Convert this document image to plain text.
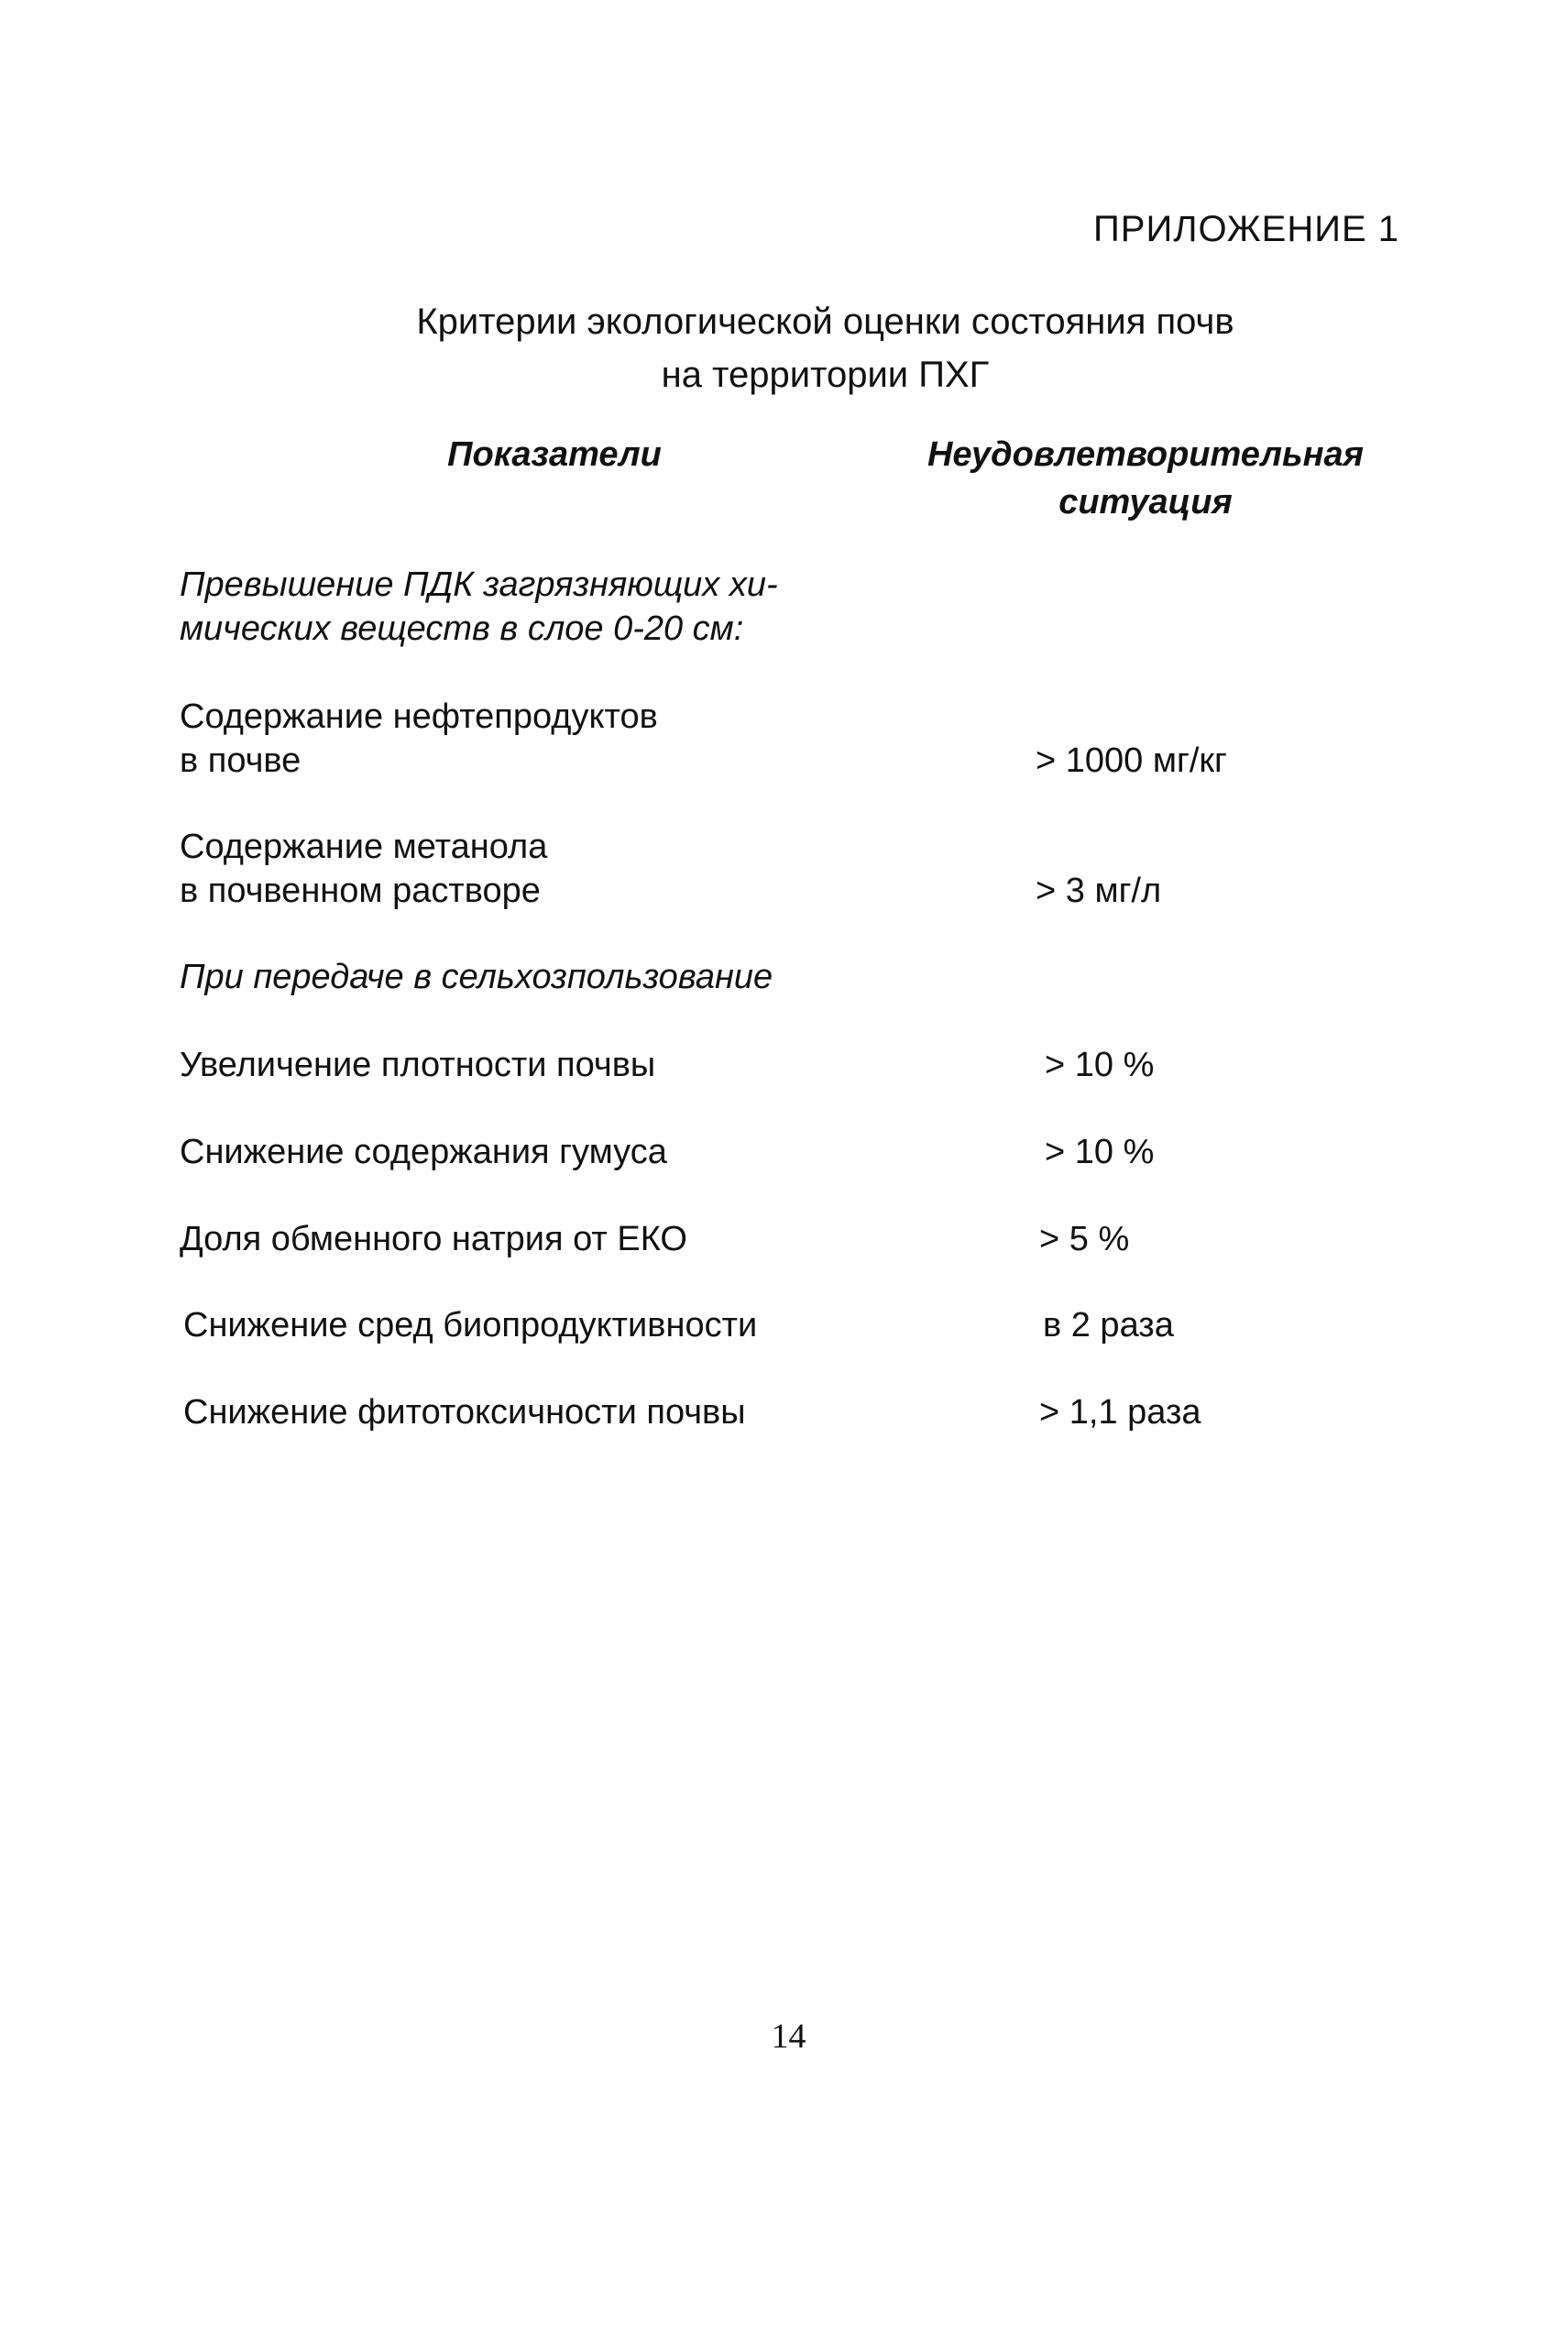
ПРИЛОЖЕНИЕ 1
Критерии экологической оценки состояния почв
на территории ПХГ
Показатели	Неудовлетворительная
ситуация
Превышение ПДК загрязняющих хи-
мических веществ в слое 0-20 см:
Содержание нефтепродуктов
в почве	> 1000 мг/кг
Содержание метанола
в почвенном растворе	> 3 мг/л
При передаче в сельхозпользование
Увеличение плотности почвы	> 10 %
Снижение содержания гумуса	> 10 %
Доля обменного натрия от ЕКО	> 5 %
Снижение сред биопродуктивности	в 2 раза
Снижение фитотоксичности почвы	> 1,1 раза
14
